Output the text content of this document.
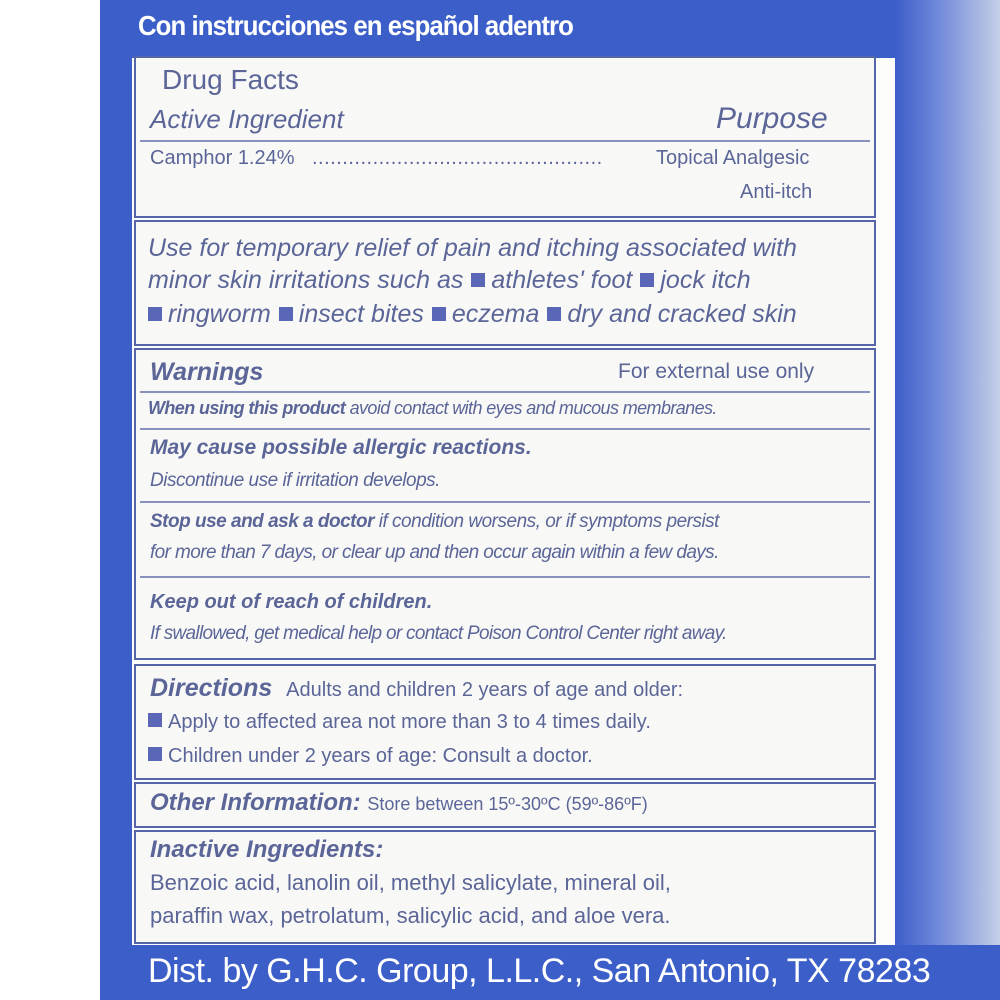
Con instrucciones en español adentro
Drug Facts
Active Ingredient	Purpose
Camphor 1.24% ................................................	Topical Analgesic
Anti-itch
Use for temporary relief of pain and itching associated with
minor skin irritations such as athletes' foot jock itch
ringworm insect bites eczema dry and cracked skin
Warnings	For external use only
When using this product avoid contact with eyes and mucous membranes.
May cause possible allergic reactions.
Discontinue use if irritation develops.
Stop use and ask a doctor if condition worsens, or if symptoms persist
for more than 7 days, or clear up and then occur again within a few days.
Keep out of reach of children.
If swallowed, get medical help or contact Poison Control Center right away.
Directions Adults and children 2 years of age and older:
Apply to affected area not more than 3 to 4 times daily.
Children under 2 years of age: Consult a doctor.
Other Information: Store between 15º-30ºC (59º-86ºF)
Inactive Ingredients:
Benzoic acid, lanolin oil, methyl salicylate, mineral oil,
paraffin wax, petrolatum, salicylic acid, and aloe vera.
Dist. by G.H.C. Group, L.L.C., San Antonio, TX 78283
